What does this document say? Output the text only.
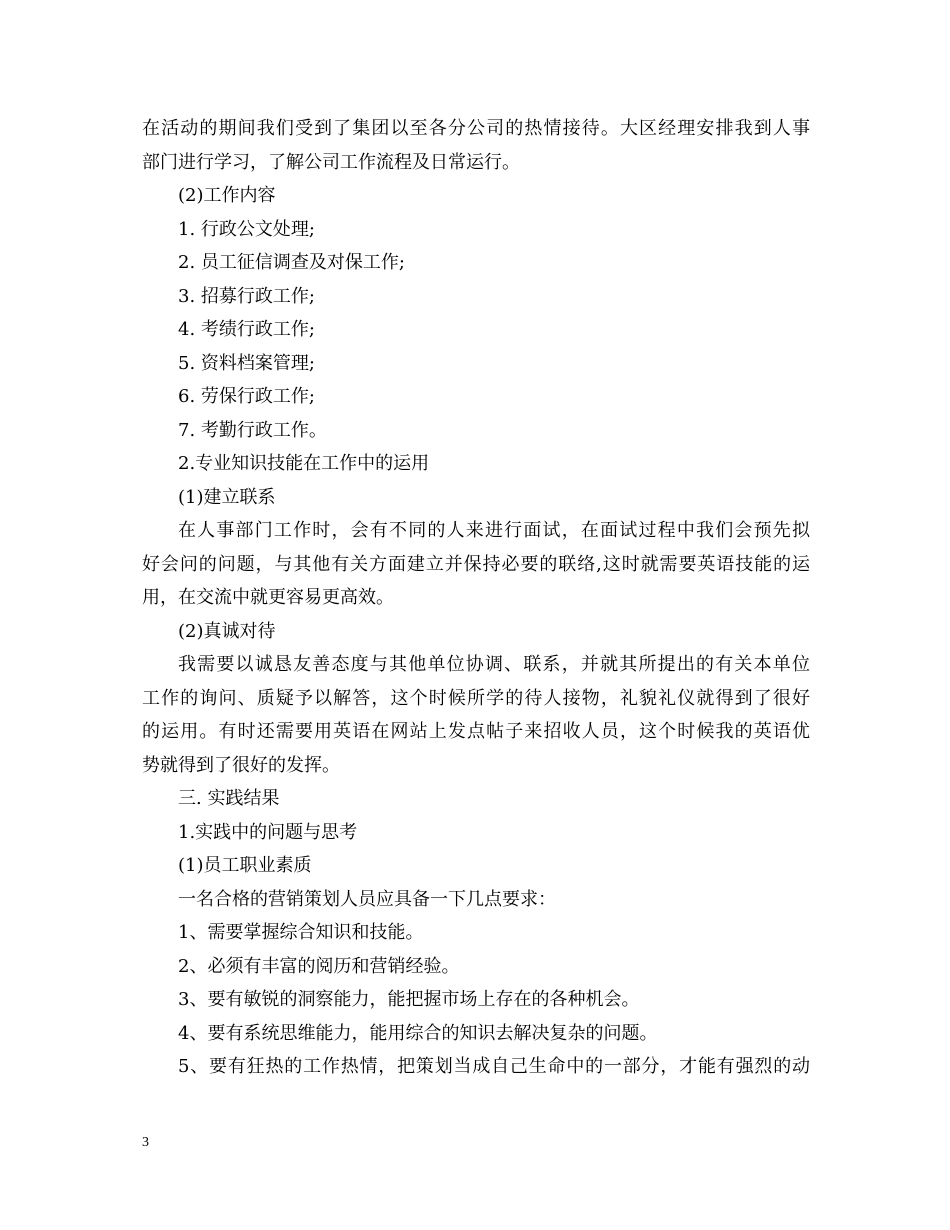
在活动的期间我们受到了集团以至各分公司的热情接待。大区经理安排我到人事
部门进行学习，了解公司工作流程及日常运行。
(2)工作内容
1. 行政公文处理;
2. 员工征信调查及对保工作;
3. 招募行政工作;
4. 考绩行政工作;
5. 资料档案管理;
6. 劳保行政工作;
7. 考勤行政工作。
2.专业知识技能在工作中的运用
(1)建立联系
在人事部门工作时，会有不同的人来进行面试，在面试过程中我们会预先拟
好会问的问题，与其他有关方面建立并保持必要的联络,这时就需要英语技能的运
用，在交流中就更容易更高效。
(2)真诚对待
我需要以诚恳友善态度与其他单位协调、联系，并就其所提出的有关本单位
工作的询问、质疑予以解答，这个时候所学的待人接物，礼貌礼仪就得到了很好
的运用。有时还需要用英语在网站上发点帖子来招收人员，这个时候我的英语优
势就得到了很好的发挥。
三. 实践结果
1.实践中的问题与思考
(1)员工职业素质
一名合格的营销策划人员应具备一下几点要求：
1、需要掌握综合知识和技能。
2、必须有丰富的阅历和营销经验。
3、要有敏锐的洞察能力，能把握市场上存在的各种机会。
4、要有系统思维能力，能用综合的知识去解决复杂的问题。
5、要有狂热的工作热情，把策划当成自己生命中的一部分，才能有强烈的动
3
